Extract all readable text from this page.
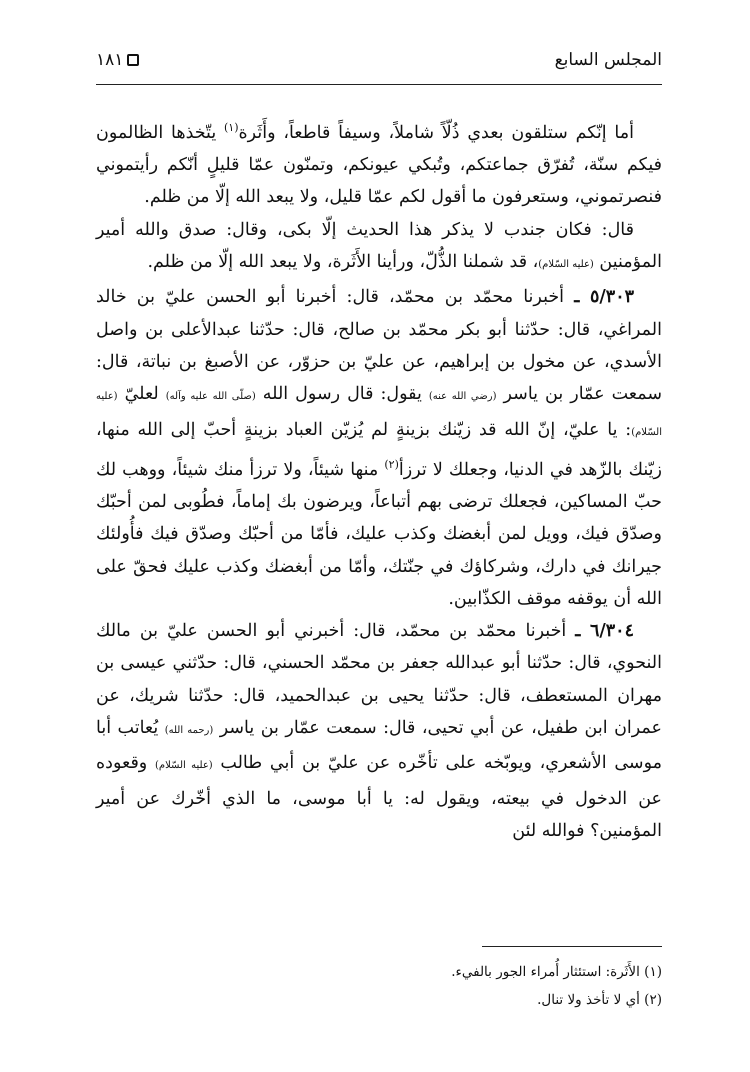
المجلس السابع
١٨١

أما إنّكم ستلقون بعدي ذُلّاً شاملاً، وسيفاً قاطعاً، وأَثَرة$^{(١)}$ يتّخذها الظالمون فيكم سنّة، تُفرّق جماعتكم، وتُبكي عيونكم، وتمنّون عمّا قليلٍ أنّكم رأيتموني فنصرتموني، وستعرفون ما أقول لكم عمّا قليل، ولا يبعد الله إلّا من ظلم.

قال: فكان جندب لا يذكر هذا الحديث إلّا بكى، وقال: صدق والله أمير المؤمنين (عليه السّلام)، قد شملنا الذُّلّ، ورأينا الأَثَرة، ولا يبعد الله إلّا من ظلم.

٥/٣٠٣ ـ أخبرنا محمّد بن محمّد، قال: أخبرنا أبو الحسن عليّ بن خالد المراغي، قال: حدّثنا أبو بكر محمّد بن صالح، قال: حدّثنا عبدالأعلى بن واصل الأسدي، عن مخول بن إبراهيم، عن عليّ بن حزوّر، عن الأصبغ بن نباتة، قال: سمعت عمّار بن ياسر (رضي الله عنه) يقول: قال رسول الله (صلّى الله عليه وآله) لعليّ (عليه السّلام): يا عليّ، إنّ الله قد زيّنك بزينةٍ لم يُزيّن العباد بزينةٍ أحبّ إلى الله منها، زيّنك بالزّهد في الدنيا، وجعلك لا ترزأ$^{(٢)}$ منها شيئاً، ولا ترزأ منك شيئاً، ووهب لك حبّ المساكين، فجعلك ترضى بهم أتباعاً، ويرضون بك إماماً، فطُوبى لمن أحبّك وصدّق فيك، وويل لمن أبغضك وكذب عليك، فأمّا من أحبّك وصدّق فيك فأُولئك جيرانك في دارك، وشركاؤك في جنّتك، وأمّا من أبغضك وكذب عليك فحقّ على الله أن يوقفه موقف الكذّابين.

٦/٣٠٤ ـ أخبرنا محمّد بن محمّد، قال: أخبرني أبو الحسن عليّ بن مالك النحوي، قال: حدّثنا أبو عبدالله جعفر بن محمّد الحسني، قال: حدّثني عيسى بن مهران المستعطف، قال: حدّثنا يحيى بن عبدالحميد، قال: حدّثنا شريك، عن عمران ابن طفيل، عن أبي تحيى، قال: سمعت عمّار بن ياسر (رحمه الله) يُعاتب أبا موسى الأشعري، ويوبّخه على تأخّره عن عليّ بن أبي طالب (عليه السّلام) وقعوده عن الدخول في بيعته، ويقول له: يا أبا موسى، ما الذي أخّرك عن أمير المؤمنين؟ فوالله لئن

(١) الأَثَرة: استئثار أُمراء الجور بالفيء.
(٢) أي لا تأخذ ولا تنال.
